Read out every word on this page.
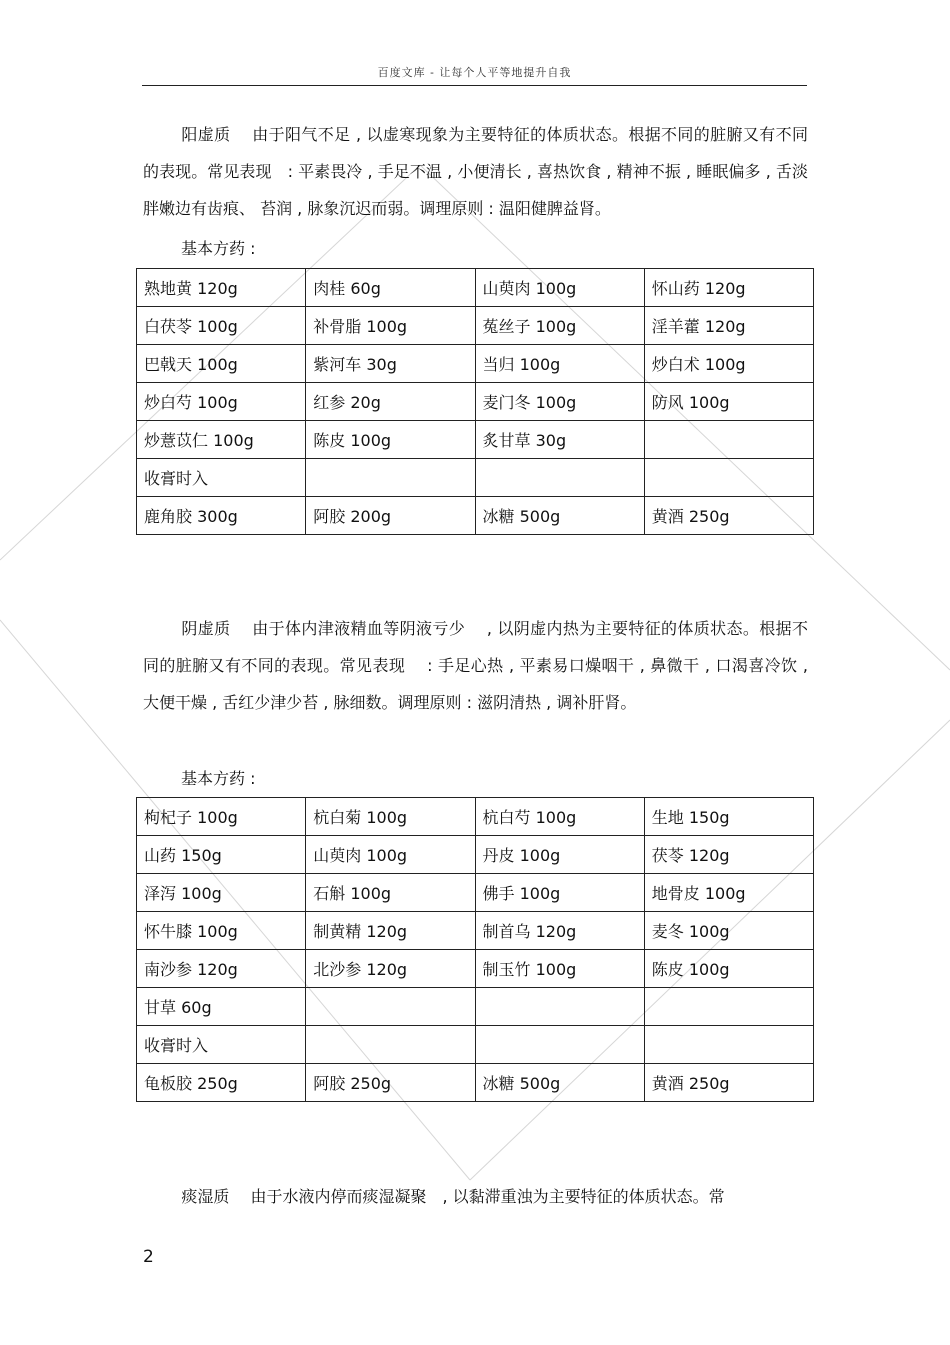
百度文库 - 让每个人平等地提升自我

阳虚质　 由于阳气不足 , 以虚寒现象为主要特征的体质状态。根据不同的脏腑又有不同的表现。常见表现　: 平素畏冷 , 手足不温 , 小便清长 , 喜热饮食 , 精神不振 , 睡眠偏多 , 舌淡胖嫩边有齿痕、 苔润 , 脉象沉迟而弱。调理原则 : 温阳健脾益肾。

基本方药 :

熟地黄 120g	肉桂 60g	山萸肉 100g	怀山药 120g
白茯苓 100g	补骨脂 100g	菟丝子 100g	淫羊藿 120g
巴戟天 100g	紫河车 30g	当归 100g	炒白术 100g
炒白芍 100g	红参 20g	麦门冬 100g	防风 100g
炒薏苡仁 100g	陈皮 100g	炙甘草 30g	
收膏时入			
鹿角胶 300g	阿胶 200g	冰糖 500g	黄酒 250g

阴虚质　 由于体内津液精血等阴液亏少　 , 以阴虚内热为主要特征的体质状态。根据不同的脏腑又有不同的表现。常见表现　 : 手足心热 , 平素易口燥咽干 , 鼻微干 , 口渴喜冷饮 , 大便干燥 , 舌红少津少苔 , 脉细数。调理原则 : 滋阴清热 , 调补肝肾。

基本方药 :

枸杞子 100g	杭白菊 100g	杭白芍 100g	生地 150g
山药 150g	山萸肉 100g	丹皮 100g	茯苓 120g
泽泻 100g	石斛 100g	佛手 100g	地骨皮 100g
怀牛膝 100g	制黄精 120g	制首乌 120g	麦冬 100g
南沙参 120g	北沙参 120g	制玉竹 100g	陈皮 100g
甘草 60g			
收膏时入			
龟板胶 250g	阿胶 250g	冰糖 500g	黄酒 250g

痰湿质　 由于水液内停而痰湿凝聚　, 以黏滞重浊为主要特征的体质状态。常

2
